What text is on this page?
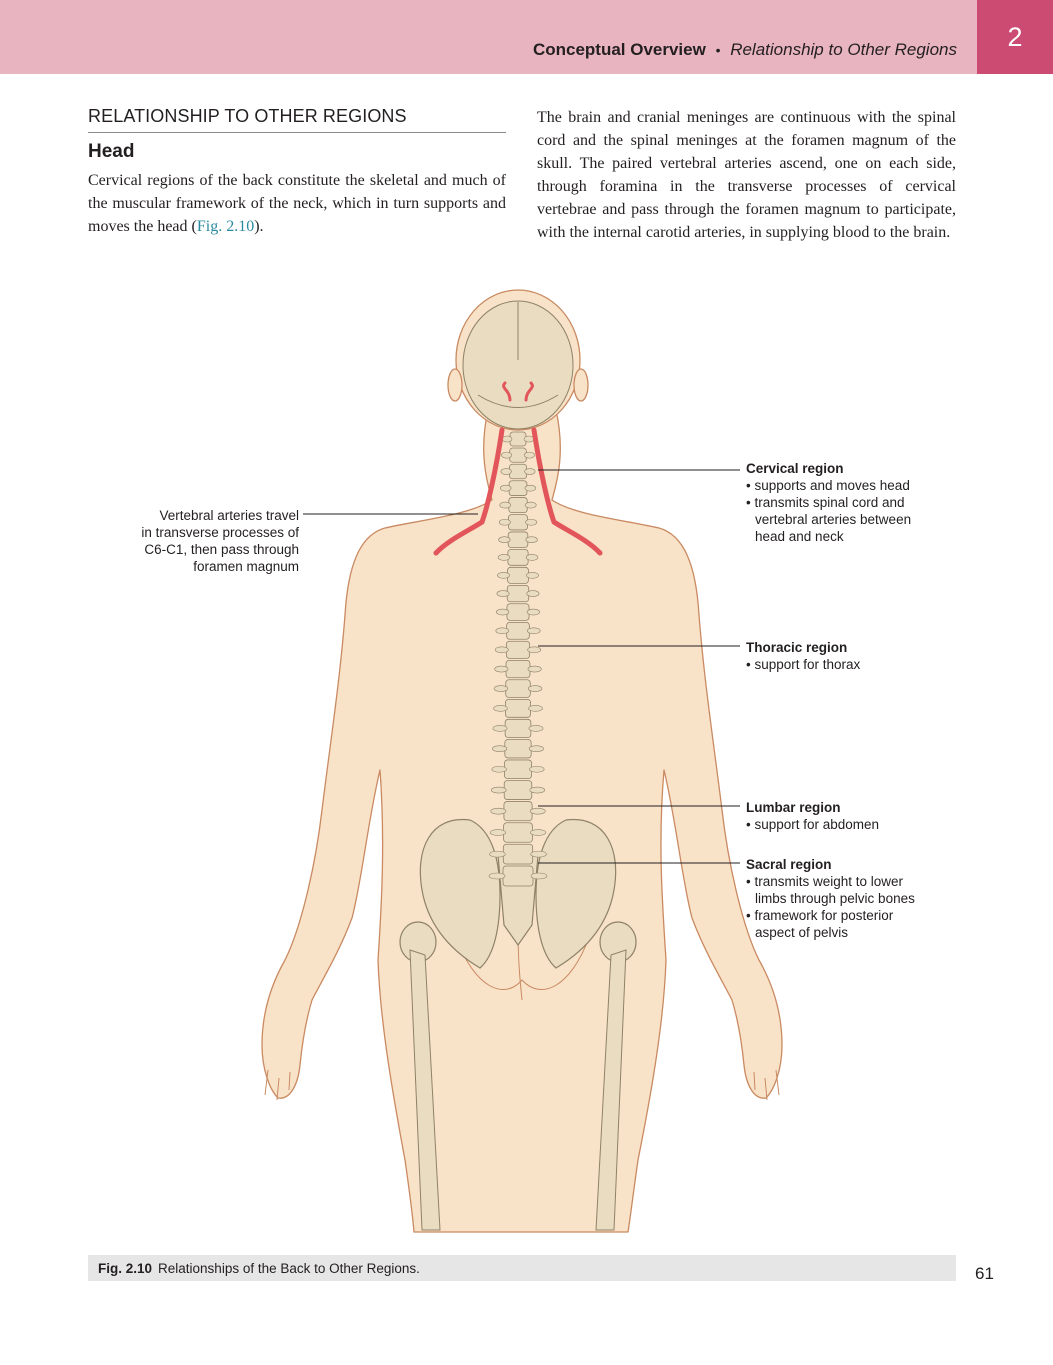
Conceptual Overview • Relationship to Other Regions 2
RELATIONSHIP TO OTHER REGIONS
Head

Cervical regions of the back constitute the skeletal and much of the muscular framework of the neck, which in turn supports and moves the head (Fig. 2.10).

The brain and cranial meninges are continuous with the spinal cord and the spinal meninges at the foramen magnum of the skull. The paired vertebral arteries ascend, one on each side, through foramina in the transverse processes of cervical vertebrae and pass through the foramen magnum to participate, with the internal carotid arteries, in supplying blood to the brain.

Vertebral arteries travel
in transverse processes of
C6-C1, then pass through
foramen magnum
Cervical region
• supports and moves head
• transmits spinal cord and vertebral arteries between head and neck
Thoracic region
• support for thorax
Lumbar region
• support for abdomen
Sacral region
• transmits weight to lower limbs through pelvic bones
• framework for posterior aspect of pelvis
Fig. 2.10 Relationships of the Back to Other Regions.	61
